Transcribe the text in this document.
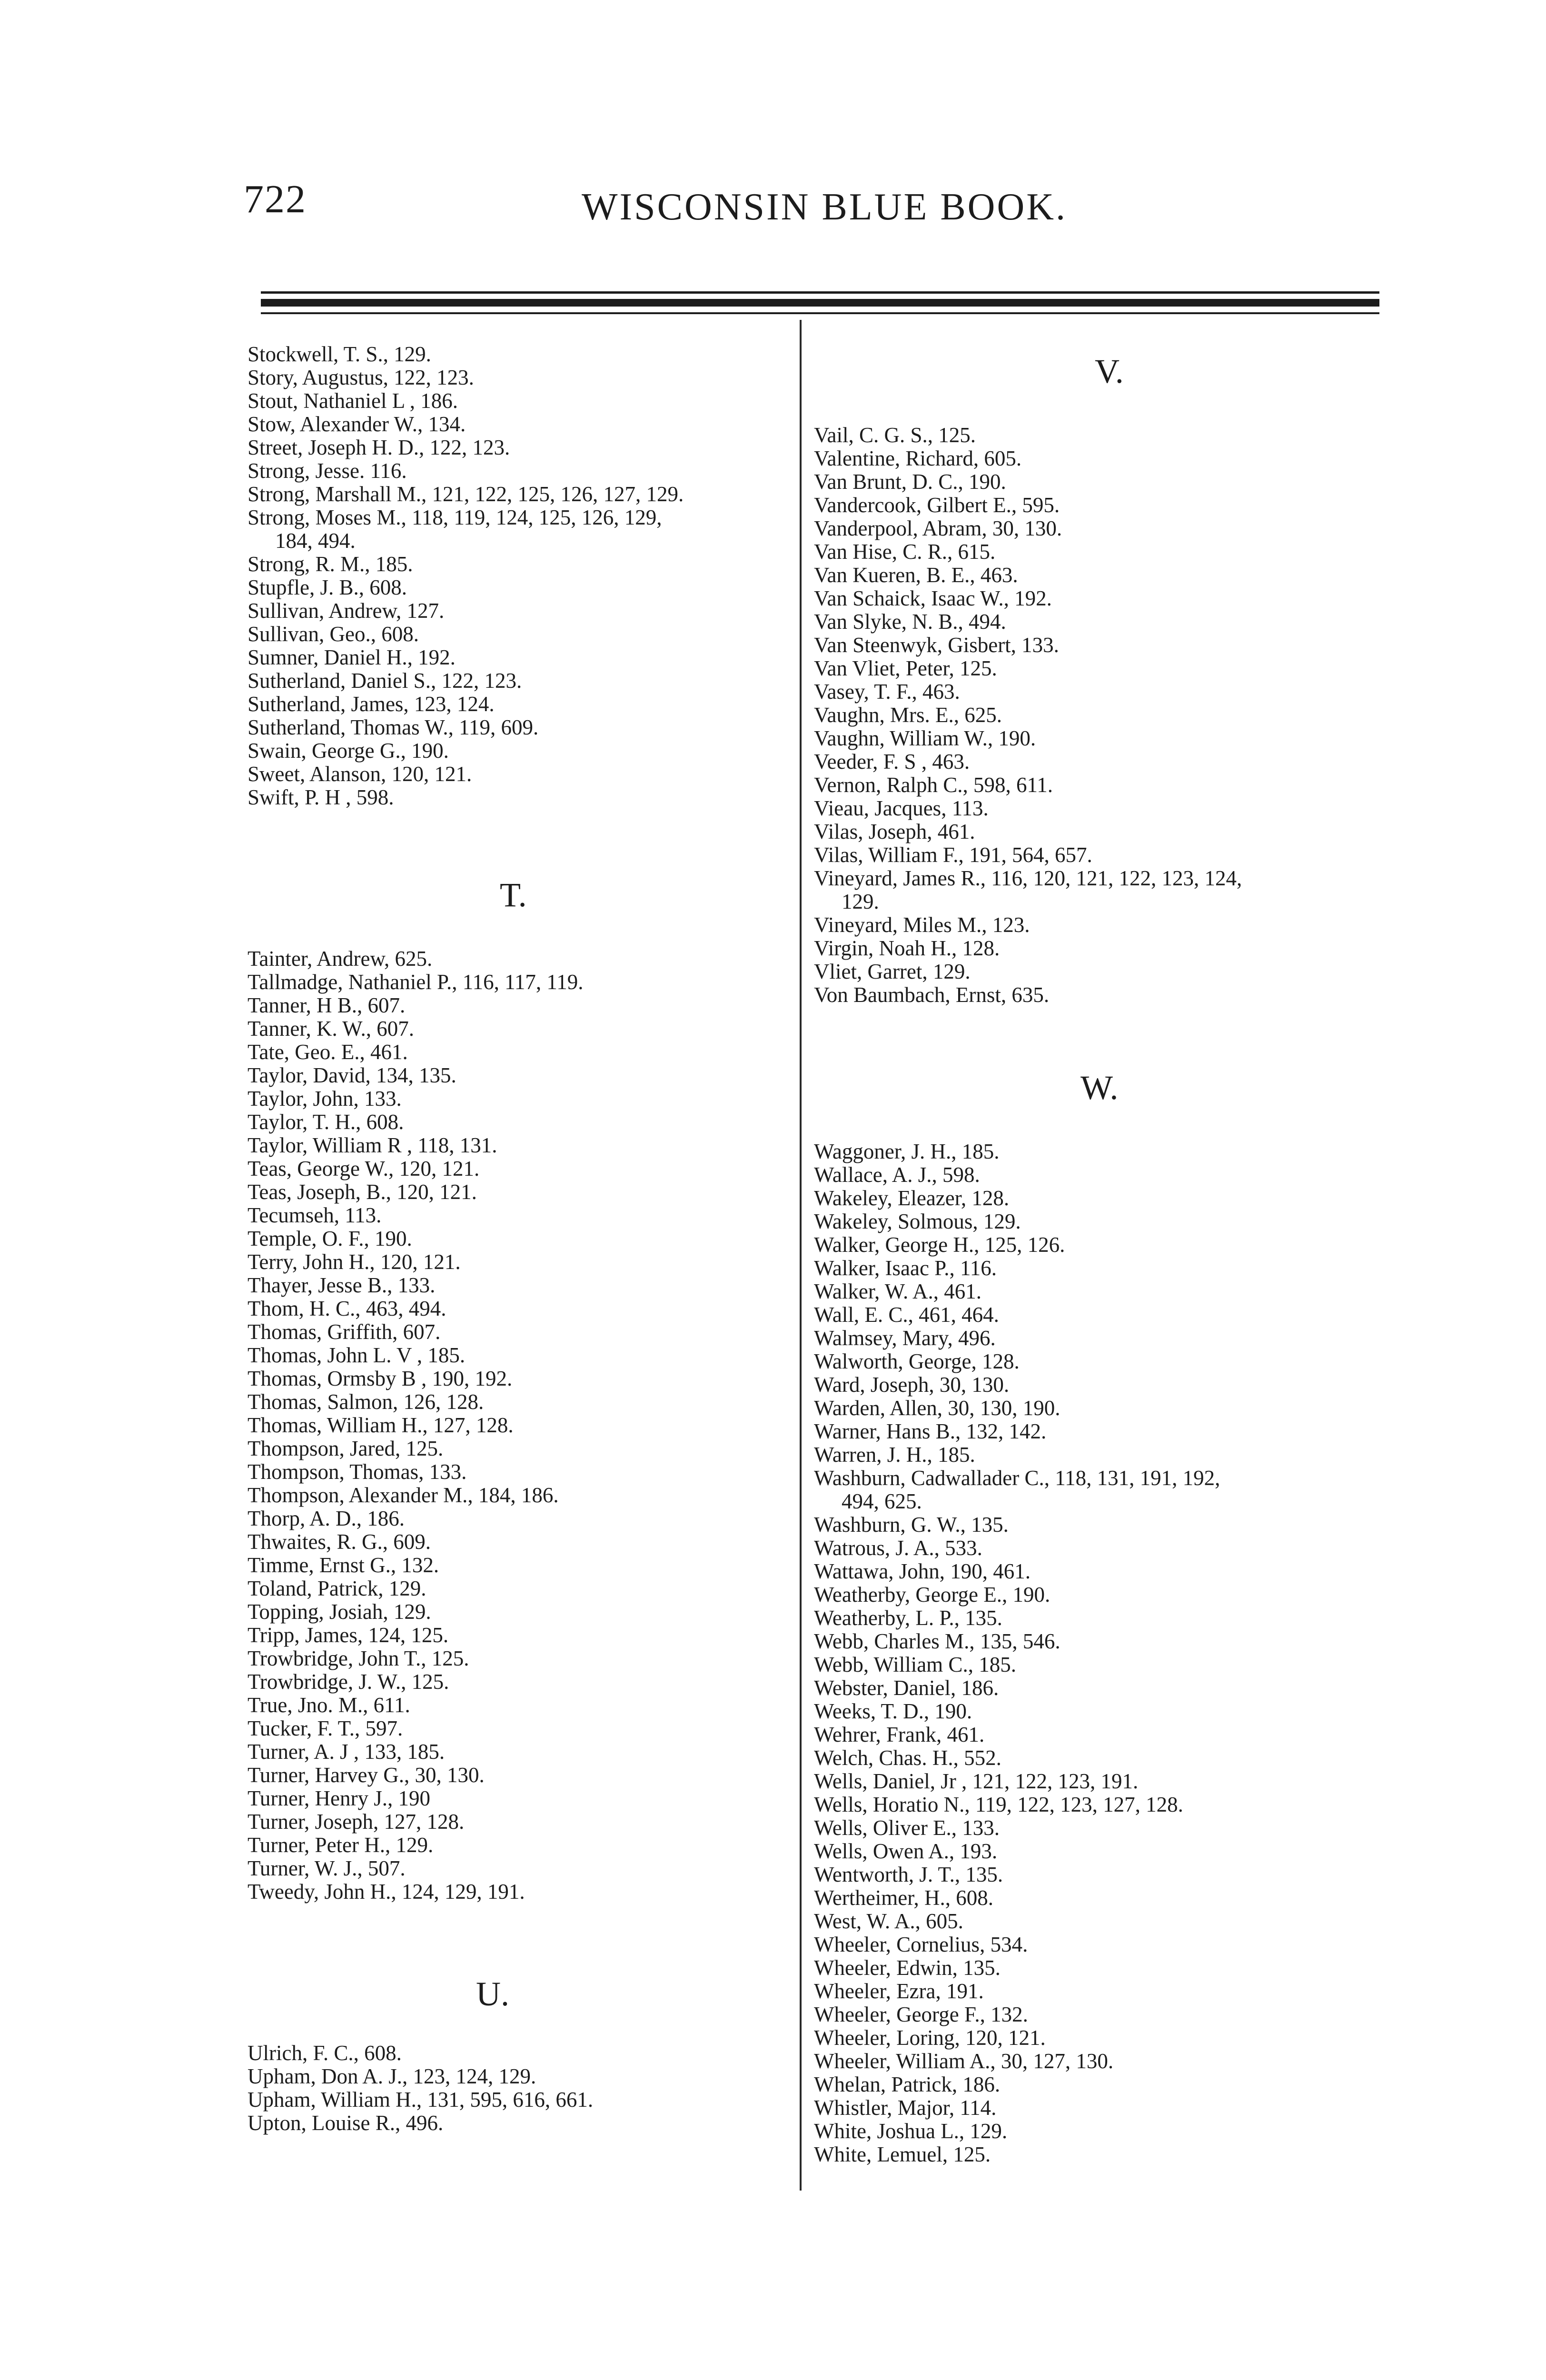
722	WISCONSIN BLUE BOOK.
Stockwell, T. S., 129.
Story, Augustus, 122, 123.
Stout, Nathaniel L , 186.
Stow, Alexander W., 134.
Street, Joseph H. D., 122, 123.
Strong, Jesse. 116.
Strong, Marshall M., 121, 122, 125, 126, 127, 129.
Strong, Moses M., 118, 119, 124, 125, 126, 129,
184, 494.
Strong, R. M., 185.
Stupfle, J. B., 608.
Sullivan, Andrew, 127.
Sullivan, Geo., 608.
Sumner, Daniel H., 192.
Sutherland, Daniel S., 122, 123.
Sutherland, James, 123, 124.
Sutherland, Thomas W., 119, 609.
Swain, George G., 190.
Sweet, Alanson, 120, 121.
Swift, P. H , 598.
T.
Tainter, Andrew, 625.
Tallmadge, Nathaniel P., 116, 117, 119.
Tanner, H B., 607.
Tanner, K. W., 607.
Tate, Geo. E., 461.
Taylor, David, 134, 135.
Taylor, John, 133.
Taylor, T. H., 608.
Taylor, William R , 118, 131.
Teas, George W., 120, 121.
Teas, Joseph, B., 120, 121.
Tecumseh, 113.
Temple, O. F., 190.
Terry, John H., 120, 121.
Thayer, Jesse B., 133.
Thom, H. C., 463, 494.
Thomas, Griffith, 607.
Thomas, John L. V , 185.
Thomas, Ormsby B , 190, 192.
Thomas, Salmon, 126, 128.
Thomas, William H., 127, 128.
Thompson, Jared, 125.
Thompson, Thomas, 133.
Thompson, Alexander M., 184, 186.
Thorp, A. D., 186.
Thwaites, R. G., 609.
Timme, Ernst G., 132.
Toland, Patrick, 129.
Topping, Josiah, 129.
Tripp, James, 124, 125.
Trowbridge, John T., 125.
Trowbridge, J. W., 125.
True, Jno. M., 611.
Tucker, F. T., 597.
Turner, A. J , 133, 185.
Turner, Harvey G., 30, 130.
Turner, Henry J., 190
Turner, Joseph, 127, 128.
Turner, Peter H., 129.
Turner, W. J., 507.
Tweedy, John H., 124, 129, 191.
U.
Ulrich, F. C., 608.
Upham, Don A. J., 123, 124, 129.
Upham, William H., 131, 595, 616, 661.
Upton, Louise R., 496.
V.
Vail, C. G. S., 125.
Valentine, Richard, 605.
Van Brunt, D. C., 190.
Vandercook, Gilbert E., 595.
Vanderpool, Abram, 30, 130.
Van Hise, C. R., 615.
Van Kueren, B. E., 463.
Van Schaick, Isaac W., 192.
Van Slyke, N. B., 494.
Van Steenwyk, Gisbert, 133.
Van Vliet, Peter, 125.
Vasey, T. F., 463.
Vaughn, Mrs. E., 625.
Vaughn, William W., 190.
Veeder, F. S , 463.
Vernon, Ralph C., 598, 611.
Vieau, Jacques, 113.
Vilas, Joseph, 461.
Vilas, William F., 191, 564, 657.
Vineyard, James R., 116, 120, 121, 122, 123, 124,
129.
Vineyard, Miles M., 123.
Virgin, Noah H., 128.
Vliet, Garret, 129.
Von Baumbach, Ernst, 635.
W.
Waggoner, J. H., 185.
Wallace, A. J., 598.
Wakeley, Eleazer, 128.
Wakeley, Solmous, 129.
Walker, George H., 125, 126.
Walker, Isaac P., 116.
Walker, W. A., 461.
Wall, E. C., 461, 464.
Walmsey, Mary, 496.
Walworth, George, 128.
Ward, Joseph, 30, 130.
Warden, Allen, 30, 130, 190.
Warner, Hans B., 132, 142.
Warren, J. H., 185.
Washburn, Cadwallader C., 118, 131, 191, 192,
494, 625.
Washburn, G. W., 135.
Watrous, J. A., 533.
Wattawa, John, 190, 461.
Weatherby, George E., 190.
Weatherby, L. P., 135.
Webb, Charles M., 135, 546.
Webb, William C., 185.
Webster, Daniel, 186.
Weeks, T. D., 190.
Wehrer, Frank, 461.
Welch, Chas. H., 552.
Wells, Daniel, Jr , 121, 122, 123, 191.
Wells, Horatio N., 119, 122, 123, 127, 128.
Wells, Oliver E., 133.
Wells, Owen A., 193.
Wentworth, J. T., 135.
Wertheimer, H., 608.
West, W. A., 605.
Wheeler, Cornelius, 534.
Wheeler, Edwin, 135.
Wheeler, Ezra, 191.
Wheeler, George F., 132.
Wheeler, Loring, 120, 121.
Wheeler, William A., 30, 127, 130.
Whelan, Patrick, 186.
Whistler, Major, 114.
White, Joshua L., 129.
White, Lemuel, 125.
